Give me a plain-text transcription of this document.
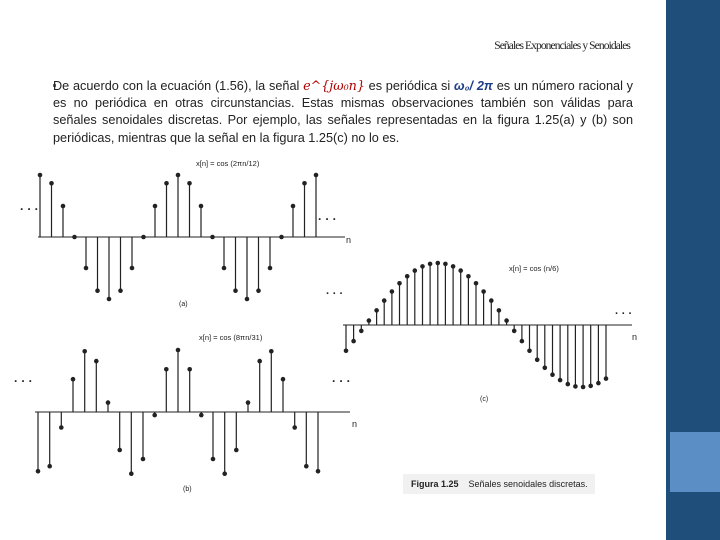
Señales Exponenciales y Senoidales
De acuerdo con la ecuación (1.56), la señal e^{jω₀n} es periódica si ω₀/ 2π es un número racional y es no periódica en otras circunstancias. Estas mismas observaciones también son válidas para señales senoidales discretas. Por ejemplo, las señales representadas en la figura 1.25(a) y (b) son periódicas, mientras que la señal en la figura 1.25(c) no lo es.
n
x[n] = cos (2πn/12)
· · ·
· · ·
(a)
n
x[n] = cos (8πn/31)
· · ·	· · ·
(b)
n
x[n] = cos (n/6)
· · ·
· · ·
(c)
Figura 1.25 Señales senoidales discretas.
